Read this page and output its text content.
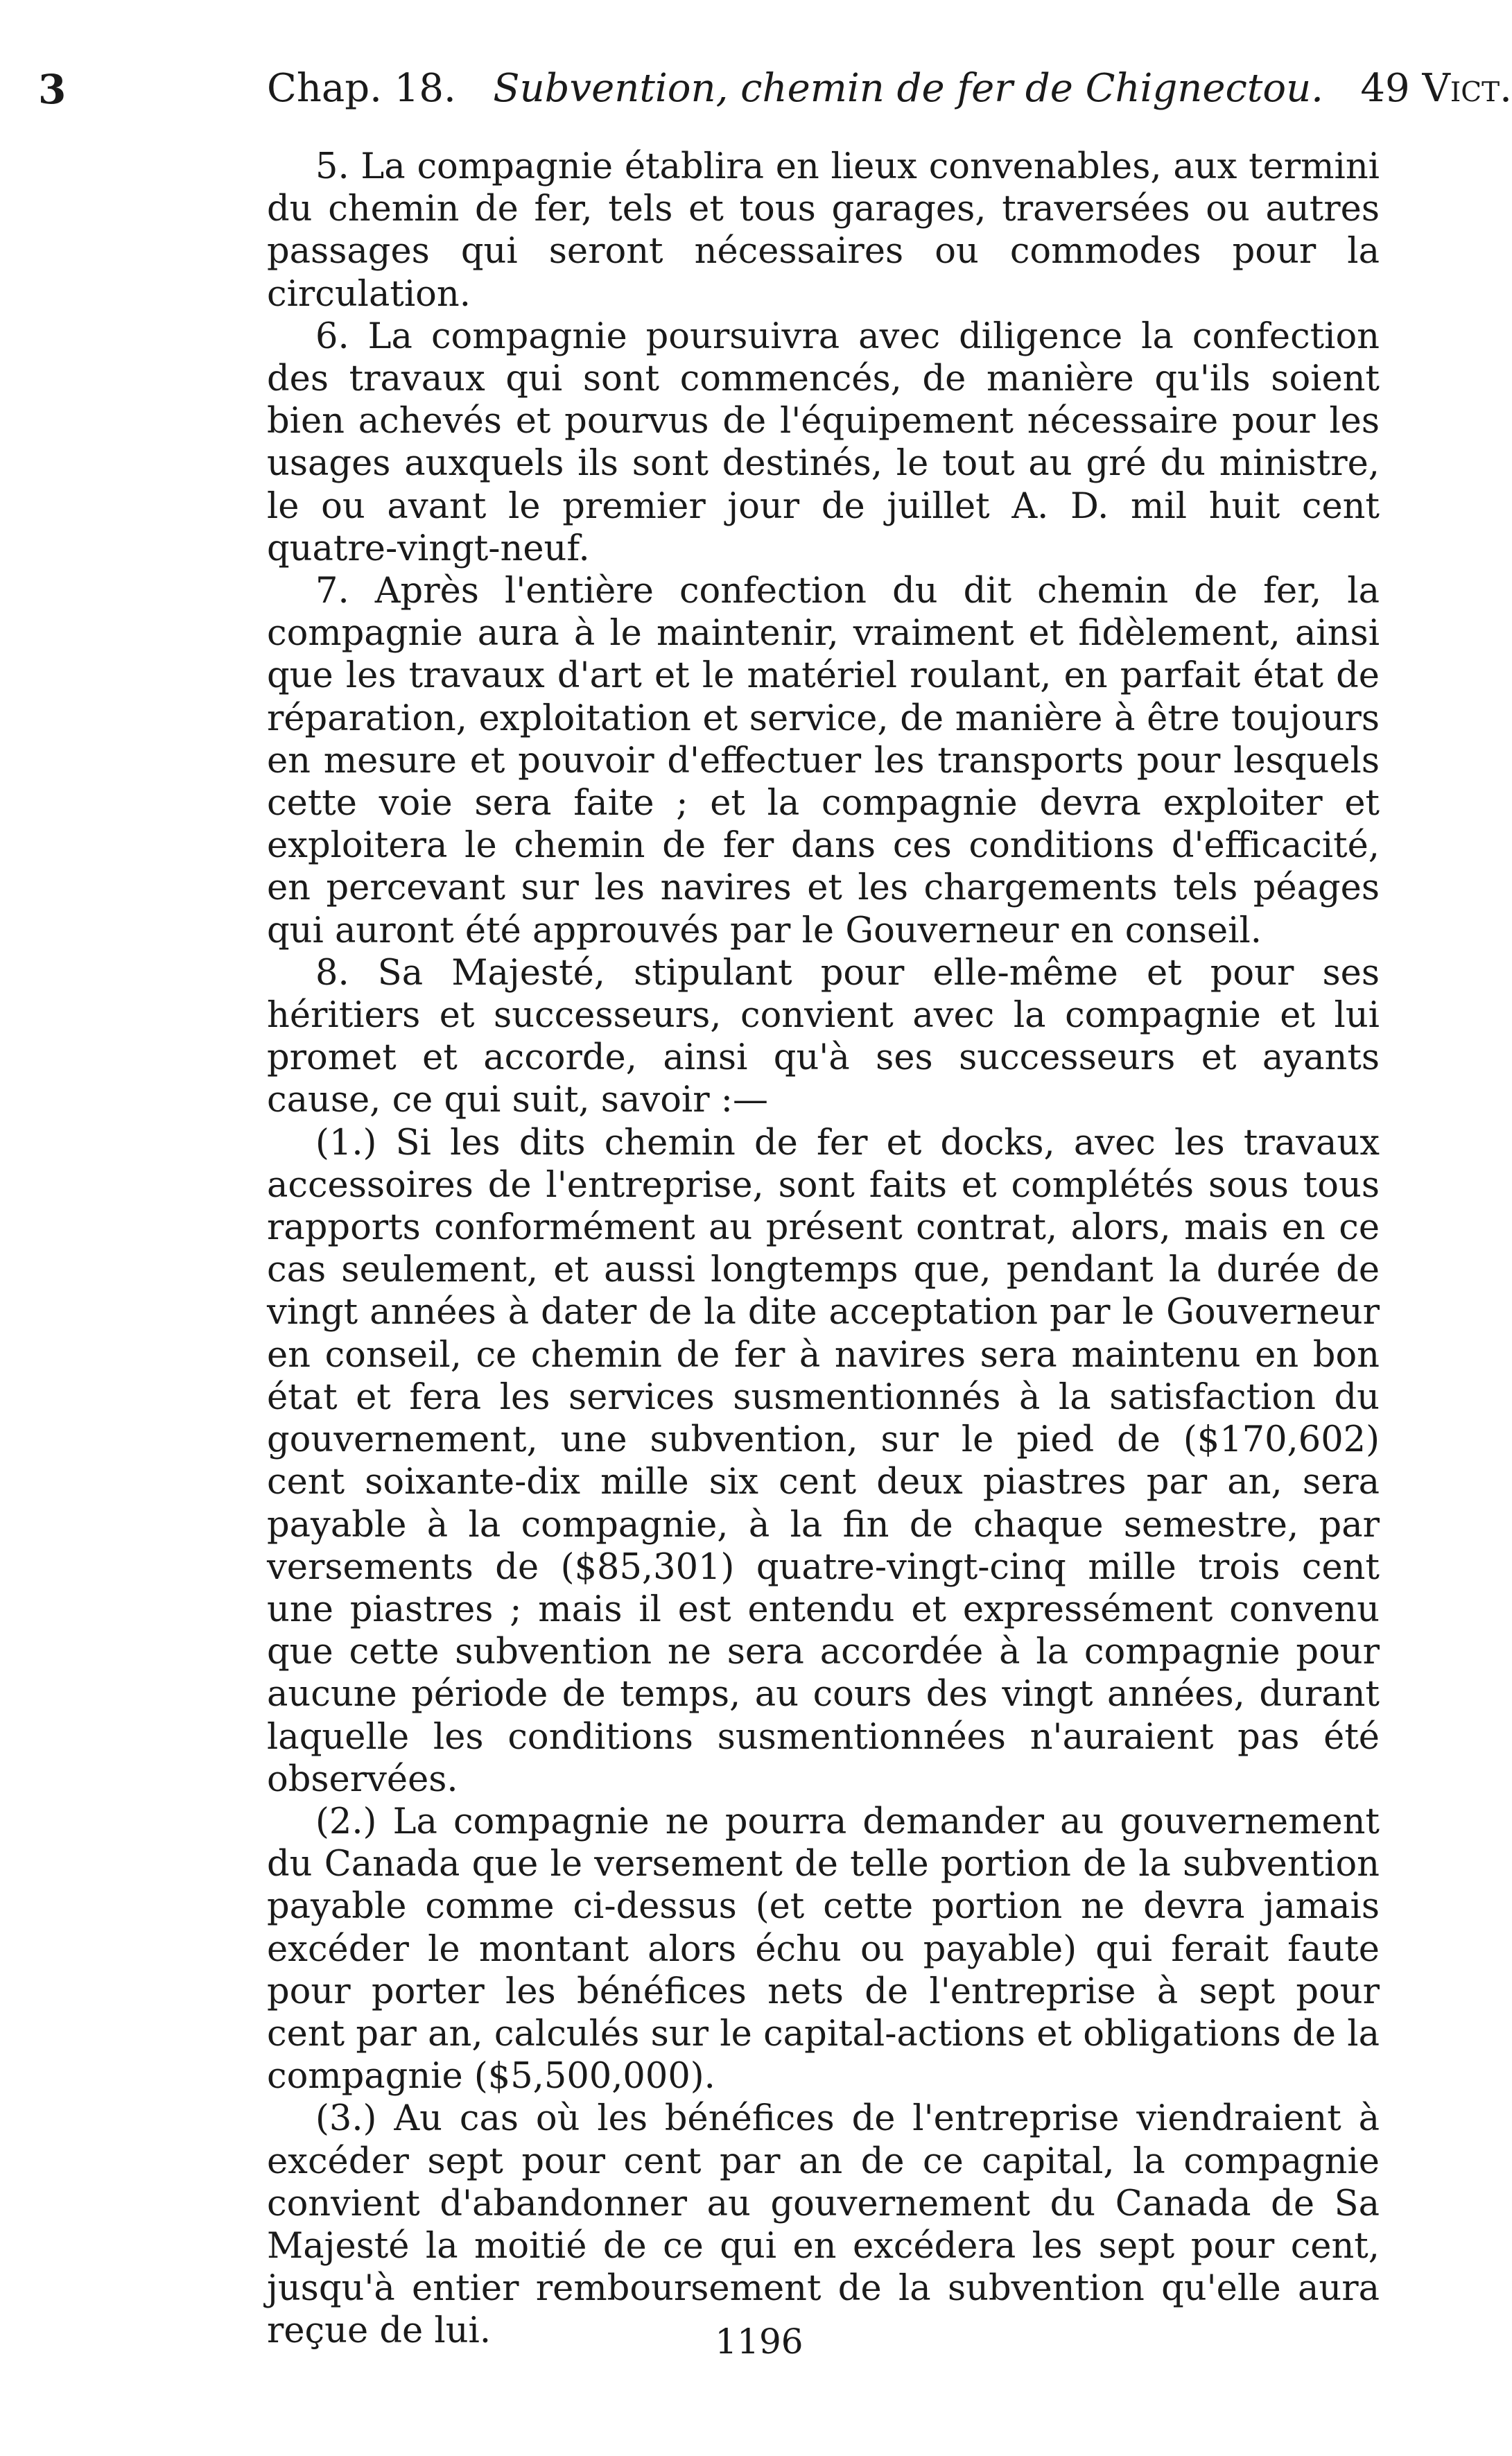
3	Chap. 18. Subvention, chemin de fer de Chignectou. 49 Vict.

5. La compagnie établira en lieux convenables, aux termini du chemin de fer, tels et tous garages, traversées ou autres passages qui seront nécessaires ou commodes pour la circulation.

6. La compagnie poursuivra avec diligence la confection des travaux qui sont commencés, de manière qu'ils soient bien achevés et pourvus de l'équipement nécessaire pour les usages auxquels ils sont destinés, le tout au gré du ministre, le ou avant le premier jour de juillet A. D. mil huit cent quatre-vingt-neuf.

7. Après l'entière confection du dit chemin de fer, la compagnie aura à le maintenir, vraiment et fidèlement, ainsi que les travaux d'art et le matériel roulant, en parfait état de réparation, exploitation et service, de manière à être toujours en mesure et pouvoir d'effectuer les transports pour lesquels cette voie sera faite ; et la compagnie devra exploiter et exploitera le chemin de fer dans ces conditions d'efficacité, en percevant sur les navires et les chargements tels péages qui auront été approuvés par le Gouverneur en conseil.

8. Sa Majesté, stipulant pour elle-même et pour ses héritiers et successeurs, convient avec la compagnie et lui promet et accorde, ainsi qu'à ses successeurs et ayants cause, ce qui suit, savoir :—

(1.) Si les dits chemin de fer et docks, avec les travaux accessoires de l'entreprise, sont faits et complétés sous tous rapports conformément au présent contrat, alors, mais en ce cas seulement, et aussi longtemps que, pendant la durée de vingt années à dater de la dite acceptation par le Gouverneur en conseil, ce chemin de fer à navires sera maintenu en bon état et fera les services susmentionnés à la satisfaction du gouvernement, une subvention, sur le pied de ($170,602) cent soixante-dix mille six cent deux piastres par an, sera payable à la compagnie, à la fin de chaque semestre, par versements de ($85,301) quatre-vingt-cinq mille trois cent une piastres ; mais il est entendu et expressément convenu que cette subvention ne sera accordée à la compagnie pour aucune période de temps, au cours des vingt années, durant laquelle les conditions susmentionnées n'auraient pas été observées.

(2.) La compagnie ne pourra demander au gouvernement du Canada que le versement de telle portion de la subvention payable comme ci-dessus (et cette portion ne devra jamais excéder le montant alors échu ou payable) qui ferait faute pour porter les bénéfices nets de l'entreprise à sept pour cent par an, calculés sur le capital-actions et obligations de la compagnie ($5,500,000).

(3.) Au cas où les bénéfices de l'entreprise viendraient à excéder sept pour cent par an de ce capital, la compagnie convient d'abandonner au gouvernement du Canada de Sa Majesté la moitié de ce qui en excédera les sept pour cent, jusqu'à entier remboursement de la subvention qu'elle aura reçue de lui.	1196
